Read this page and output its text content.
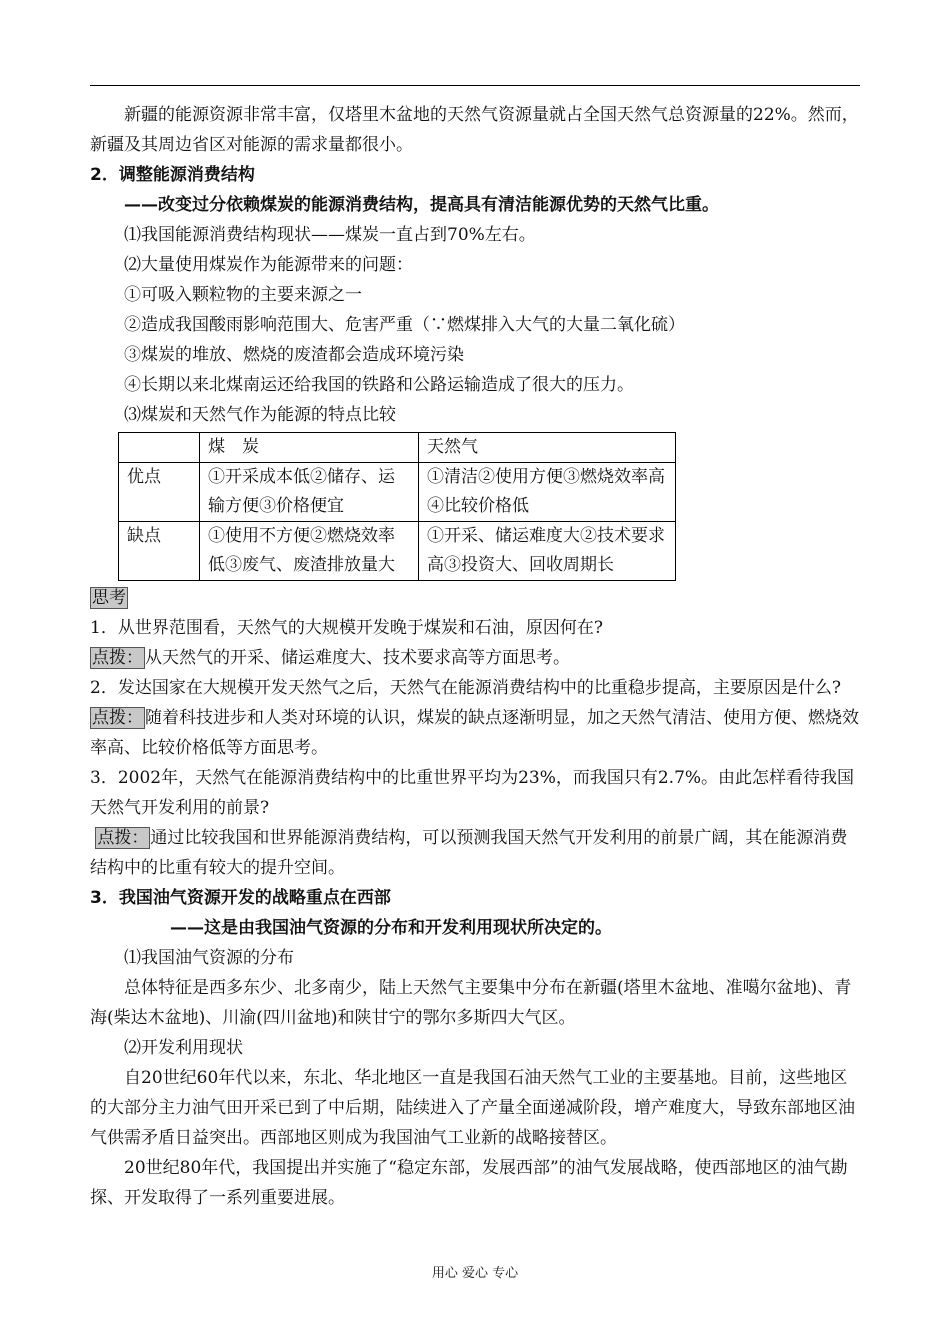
新疆的能源资源非常丰富，仅塔里木盆地的天然气资源量就占全国天然气总资源量的22%。然而，新疆及其周边省区对能源的需求量都很小。

2．调整能源消费结构

——改变过分依赖煤炭的能源消费结构，提高具有清洁能源优势的天然气比重。

⑴我国能源消费结构现状——煤炭一直占到70%左右。

⑵大量使用煤炭作为能源带来的问题：

①可吸入颗粒物的主要来源之一

②造成我国酸雨影响范围大、危害严重（∵燃煤排入大气的大量二氧化硫）

③煤炭的堆放、燃烧的废渣都会造成环境污染

④长期以来北煤南运还给我国的铁路和公路运输造成了很大的压力。

⑶煤炭和天然气作为能源的特点比较

	煤　炭	天然气
优点	①开采成本低②储存、运输方便③价格便宜	①清洁②使用方便③燃烧效率高④比较价格低
缺点	①使用不方便②燃烧效率低③废气、废渣排放量大	①开采、储运难度大②技术要求高③投资大、回收周期长

思考

1．从世界范围看，天然气的大规模开发晚于煤炭和石油，原因何在?

点拨： 从天然气的开采、储运难度大、技术要求高等方面思考。

2．发达国家在大规模开发天然气之后，天然气在能源消费结构中的比重稳步提高，主要原因是什么?

点拨： 随着科技进步和人类对环境的认识，煤炭的缺点逐渐明显，加之天然气清洁、使用方便、燃烧效率高、比较价格低等方面思考。

3．2002年，天然气在能源消费结构中的比重世界平均为23%，而我国只有2.7%。由此怎样看待我国天然气开发利用的前景?

点拨： 通过比较我国和世界能源消费结构，可以预测我国天然气开发利用的前景广阔，其在能源消费结构中的比重有较大的提升空间。

3．我国油气资源开发的战略重点在西部

——这是由我国油气资源的分布和开发利用现状所决定的。

⑴我国油气资源的分布

总体特征是西多东少、北多南少，陆上天然气主要集中分布在新疆(塔里木盆地、准噶尔盆地)、青海(柴达木盆地)、川渝(四川盆地)和陕甘宁的鄂尔多斯四大气区。

⑵开发利用现状

自20世纪60年代以来，东北、华北地区一直是我国石油天然气工业的主要基地。目前，这些地区的大部分主力油气田开采已到了中后期，陆续进入了产量全面递减阶段，增产难度大，导致东部地区油气供需矛盾日益突出。西部地区则成为我国油气工业新的战略接替区。

20世纪80年代，我国提出并实施了“稳定东部，发展西部”的油气发展战略，使西部地区的油气勘探、开发取得了一系列重要进展。

用心 爱心 专心
